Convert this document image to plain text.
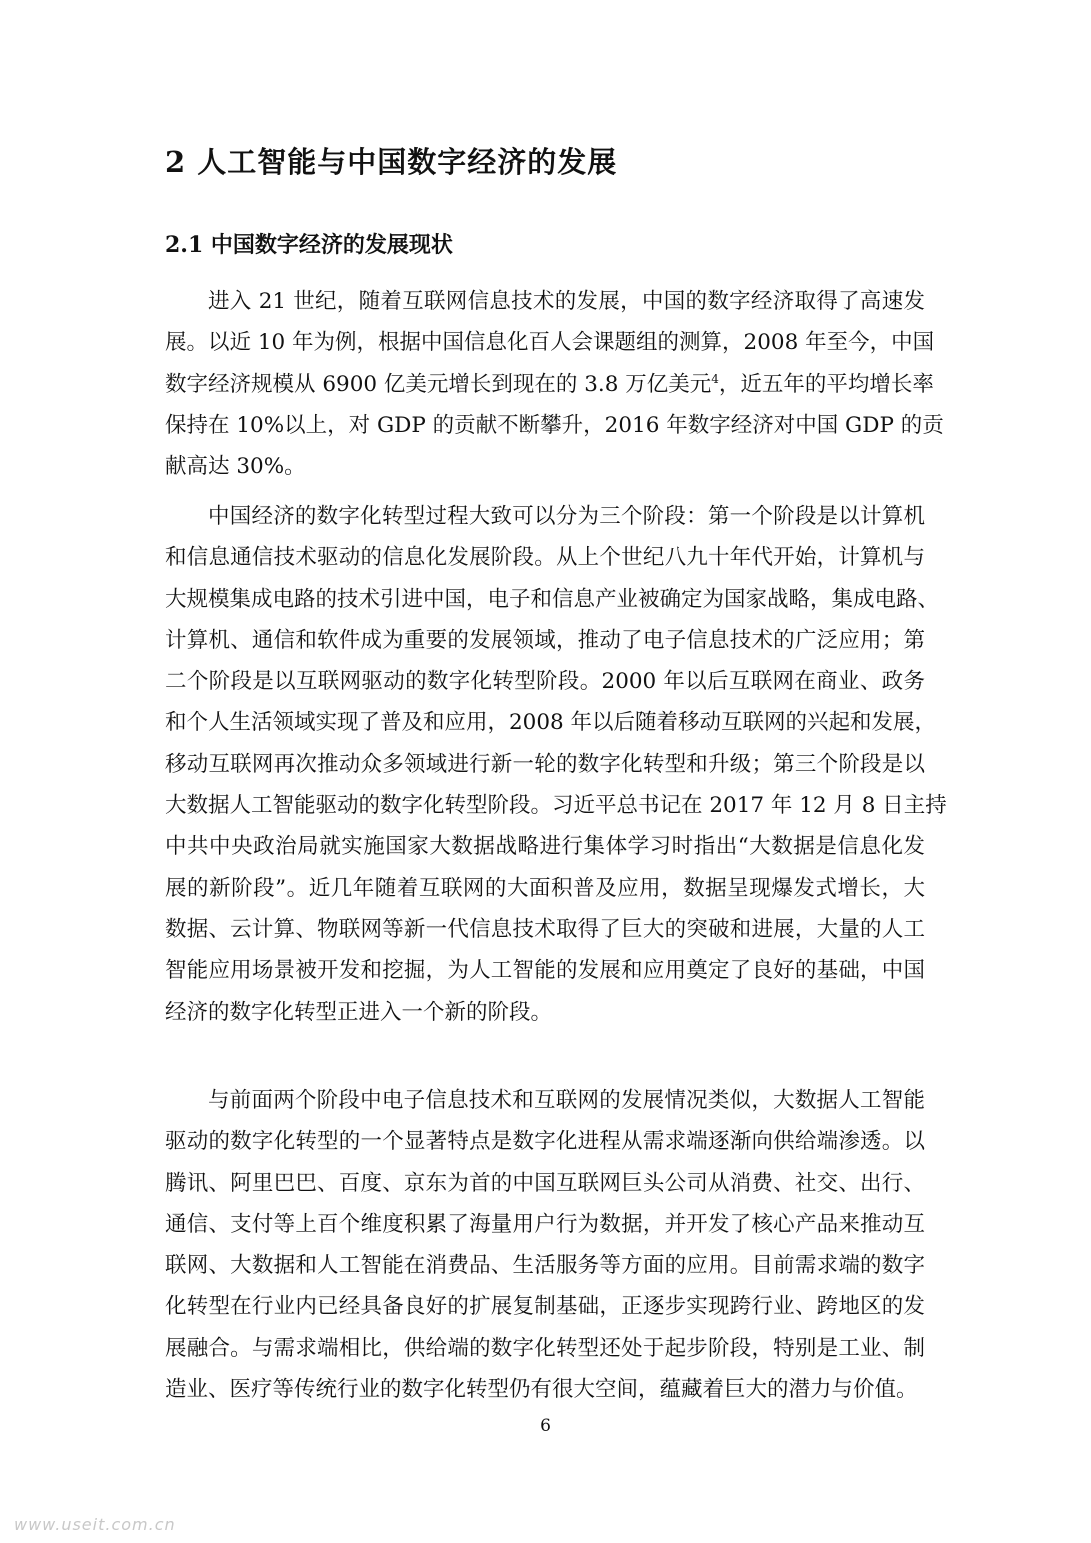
2 人工智能与中国数字经济的发展
2.1 中国数字经济的发展现状
进入 21 世纪，随着互联网信息技术的发展，中国的数字经济取得了高速发
展。以近 10 年为例，根据中国信息化百人会课题组的测算，2008 年至今，中国
数字经济规模从 6900 亿美元增长到现在的 3.8 万亿美元$^4$，近五年的平均增长率
保持在 10%以上，对 GDP 的贡献不断攀升，2016 年数字经济对中国 GDP 的贡
献高达 30%。
中国经济的数字化转型过程大致可以分为三个阶段：第一个阶段是以计算机
和信息通信技术驱动的信息化发展阶段。从上个世纪八九十年代开始，计算机与
大规模集成电路的技术引进中国，电子和信息产业被确定为国家战略，集成电路、
计算机、通信和软件成为重要的发展领域，推动了电子信息技术的广泛应用；第
二个阶段是以互联网驱动的数字化转型阶段。2000 年以后互联网在商业、政务
和个人生活领域实现了普及和应用，2008 年以后随着移动互联网的兴起和发展，
移动互联网再次推动众多领域进行新一轮的数字化转型和升级；第三个阶段是以
大数据人工智能驱动的数字化转型阶段。习近平总书记在 2017 年 12 月 8 日主持
中共中央政治局就实施国家大数据战略进行集体学习时指出“大数据是信息化发
展的新阶段”。近几年随着互联网的大面积普及应用，数据呈现爆发式增长，大
数据、云计算、物联网等新一代信息技术取得了巨大的突破和进展，大量的人工
智能应用场景被开发和挖掘，为人工智能的发展和应用奠定了良好的基础，中国
经济的数字化转型正进入一个新的阶段。
与前面两个阶段中电子信息技术和互联网的发展情况类似，大数据人工智能
驱动的数字化转型的一个显著特点是数字化进程从需求端逐渐向供给端渗透。以
腾讯、阿里巴巴、百度、京东为首的中国互联网巨头公司从消费、社交、出行、
通信、支付等上百个维度积累了海量用户行为数据，并开发了核心产品来推动互
联网、大数据和人工智能在消费品、生活服务等方面的应用。目前需求端的数字
化转型在行业内已经具备良好的扩展复制基础，正逐步实现跨行业、跨地区的发
展融合。与需求端相比，供给端的数字化转型还处于起步阶段，特别是工业、制
造业、医疗等传统行业的数字化转型仍有很大空间，蕴藏着巨大的潜力与价值。
6
www.useit.com.cn
